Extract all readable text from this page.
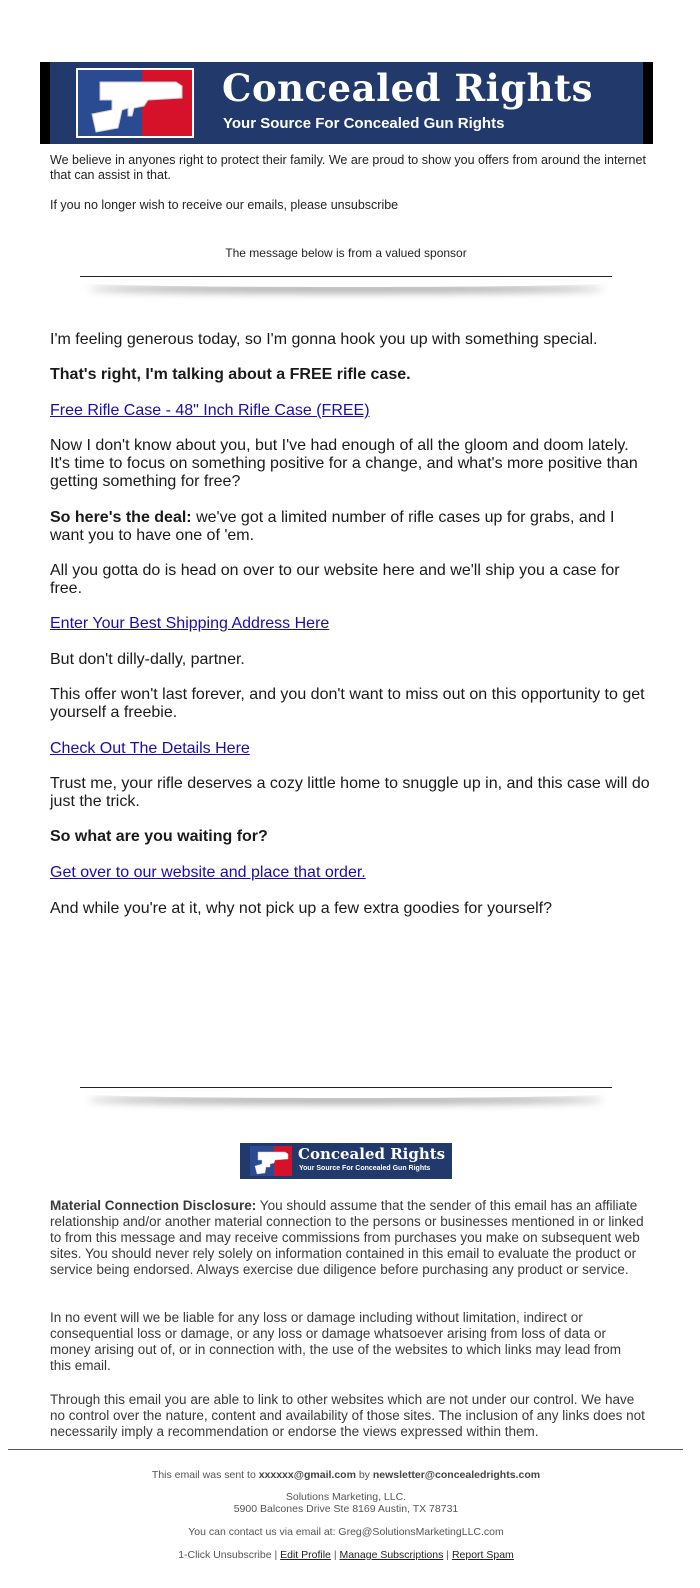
Concealed Rights
Your Source For Concealed Gun Rights
We believe in anyones right to protect their family. We are proud to show you offers from around the internet that can assist in that.
If you no longer wish to receive our emails, please unsubscribe
The message below is from a valued sponsor

I'm feeling generous today, so I'm gonna hook you up with something special.

That's right, I'm talking about a FREE rifle case.

Free Rifle Case - 48" Inch Rifle Case (FREE)

Now I don't know about you, but I've had enough of all the gloom and doom lately. It's time to focus on something positive for a change, and what's more positive than getting something for free?

So here's the deal: we've got a limited number of rifle cases up for grabs, and I want you to have one of 'em.

All you gotta do is head on over to our website here and we'll ship you a case for free.

Enter Your Best Shipping Address Here

But don't dilly-dally, partner.

This offer won't last forever, and you don't want to miss out on this opportunity to get yourself a freebie.

Check Out The Details Here

Trust me, your rifle deserves a cozy little home to snuggle up in, and this case will do just the trick.

So what are you waiting for?

Get over to our website and place that order.

And while you're at it, why not pick up a few extra goodies for yourself?

Concealed Rights
Your Source For Concealed Gun Rights

Material Connection Disclosure: You should assume that the sender of this email has an affiliate relationship and/or another material connection to the persons or businesses mentioned in or linked to from this message and may receive commissions from purchases you make on subsequent web sites. You should never rely solely on information contained in this email to evaluate the product or service being endorsed. Always exercise due diligence before purchasing any product or service.

In no event will we be liable for any loss or damage including without limitation, indirect or consequential loss or damage, or any loss or damage whatsoever arising from loss of data or money arising out of, or in connection with, the use of the websites to which links may lead from this email.

Through this email you are able to link to other websites which are not under our control. We have no control over the nature, content and availability of those sites. The inclusion of any links does not necessarily imply a recommendation or endorse the views expressed within them.

This email was sent to xxxxxx@gmail.com by newsletter@concealedrights.com
Solutions Marketing, LLC.
5900 Balcones Drive Ste 8169 Austin, TX 78731
You can contact us via email at: Greg@SolutionsMarketingLLC.com
1-Click Unsubscribe | Edit Profile | Manage Subscriptions | Report Spam
